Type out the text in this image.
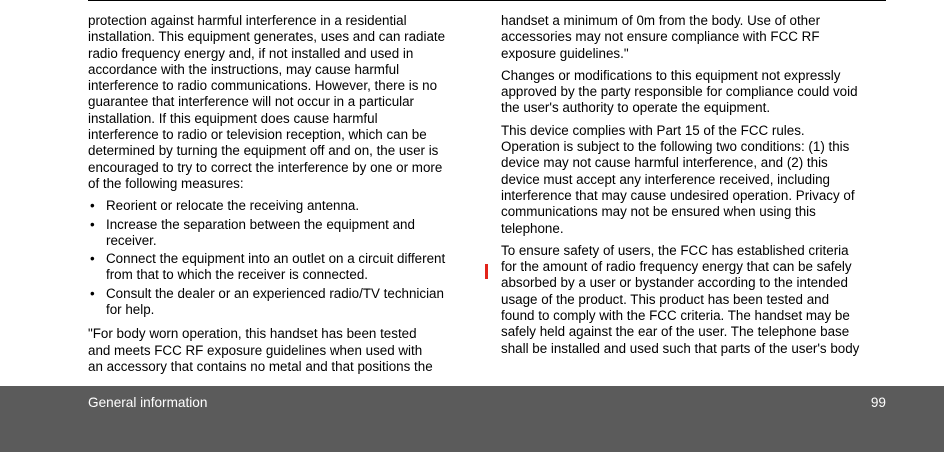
protection against harmful interference in a residential
installation. This equipment generates, uses and can radiate
radio frequency energy and, if not installed and used in
accordance with the instructions, may cause harmful
interference to radio communications. However, there is no
guarantee that interference will not occur in a particular
installation. If this equipment does cause harmful
interference to radio or television reception, which can be
determined by turning the equipment off and on, the user is
encouraged to try to correct the interference by one or more
of the following measures:

• Reorient or relocate the receiving antenna.
• Increase the separation between the equipment and
receiver.
• Connect the equipment into an outlet on a circuit different
from that to which the receiver is connected.
• Consult the dealer or an experienced radio/TV technician
for help.

"For body worn operation, this handset has been tested
and meets FCC RF exposure guidelines when used with
an accessory that contains no metal and that positions the

handset a minimum of 0m from the body. Use of other
accessories may not ensure compliance with FCC RF
exposure guidelines."

Changes or modifications to this equipment not expressly
approved by the party responsible for compliance could void
the user's authority to operate the equipment.

This device complies with Part 15 of the FCC rules.
Operation is subject to the following two conditions: (1) this
device may not cause harmful interference, and (2) this
device must accept any interference received, including
interference that may cause undesired operation. Privacy of
communications may not be ensured when using this
telephone.

To ensure safety of users, the FCC has established criteria
for the amount of radio frequency energy that can be safely
absorbed by a user or bystander according to the intended
usage of the product. This product has been tested and
found to comply with the FCC criteria. The handset may be
safely held against the ear of the user. The telephone base
shall be installed and used such that parts of the user's body

General information	99
